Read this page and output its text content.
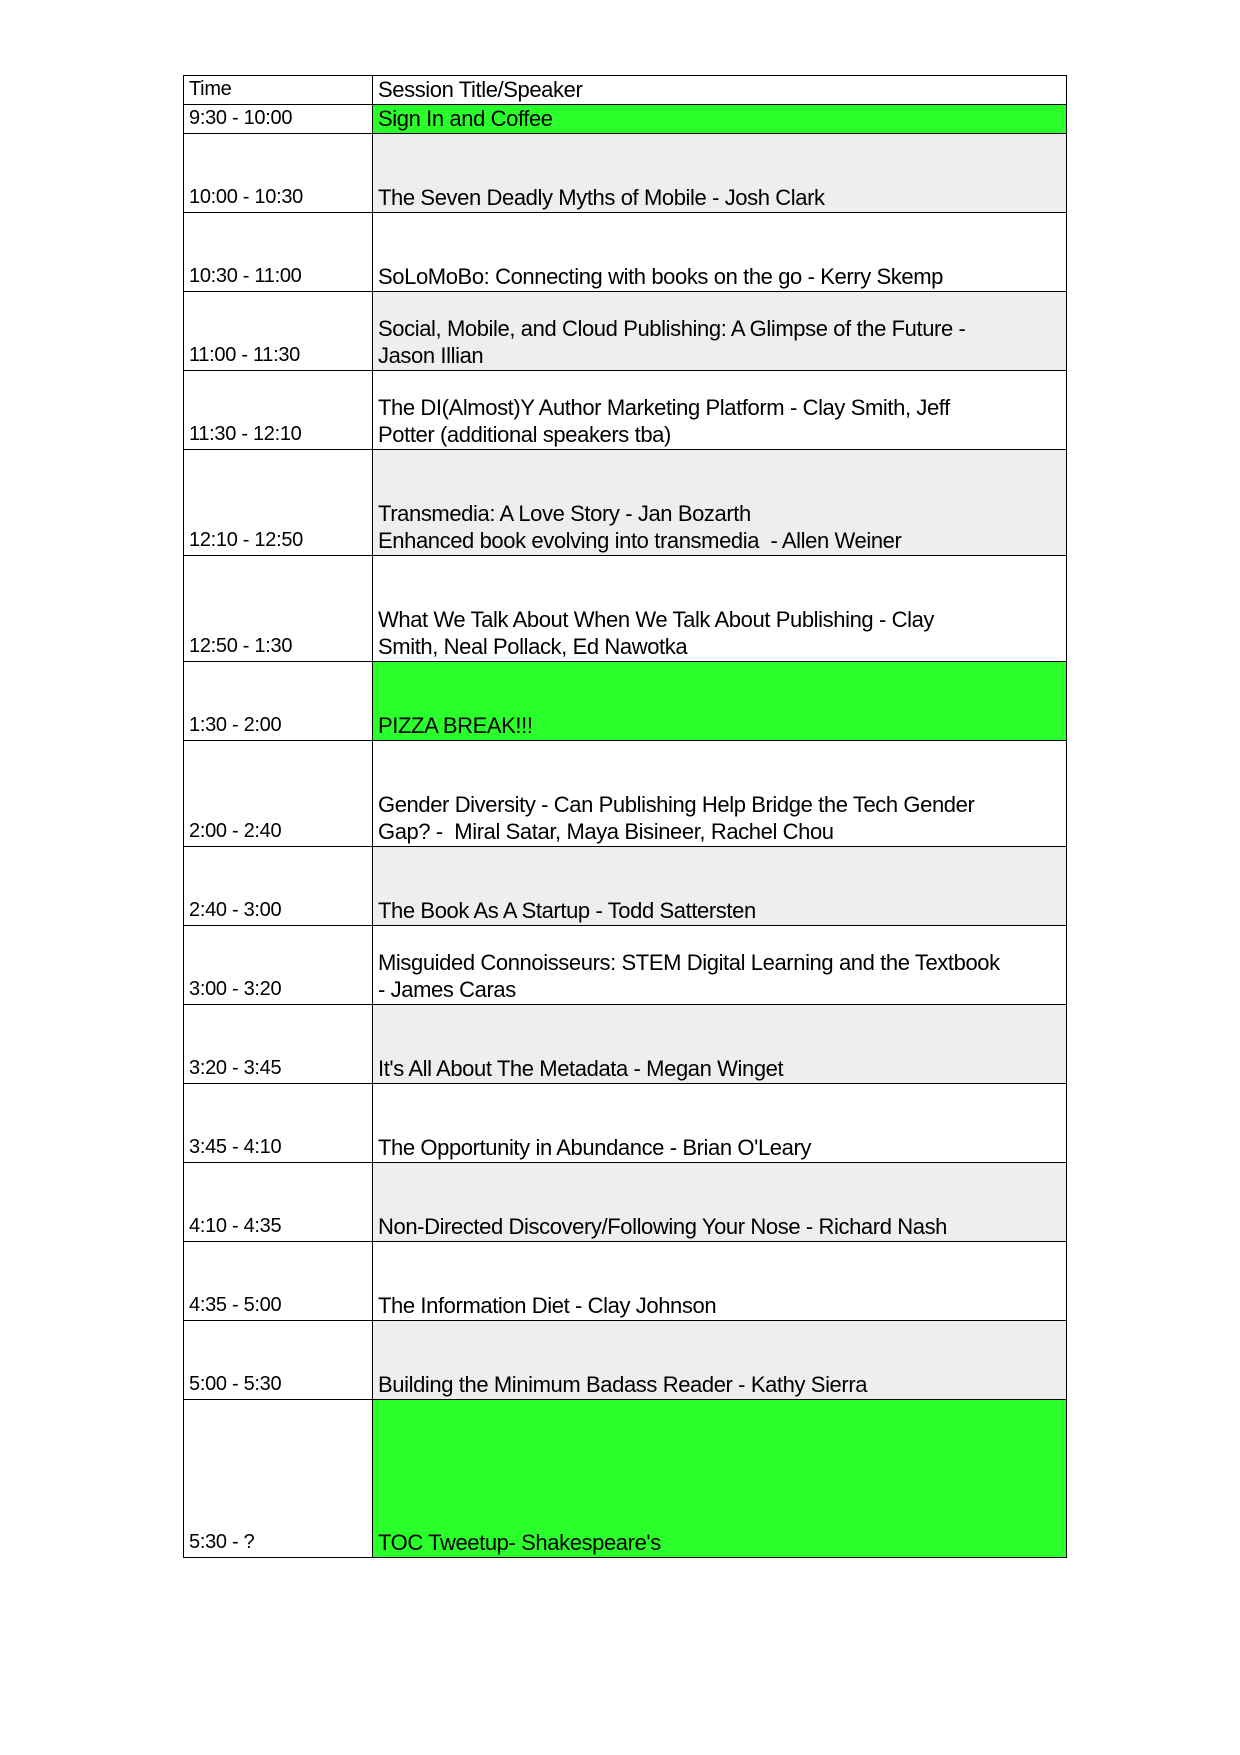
Time	Session Title/Speaker
9:30 - 10:00	Sign In and Coffee

10:00 - 10:30	The Seven Deadly Myths of Mobile - Josh Clark

10:30 - 11:00	SoLoMoBo: Connecting with books on the go - Kerry Skemp

11:00 - 11:30	Social, Mobile, and Cloud Publishing: A Glimpse of the Future -
Jason Illian

11:30 - 12:10	The DI(Almost)Y Author Marketing Platform - Clay Smith, Jeff
Potter (additional speakers tba)

12:10 - 12:50	Transmedia: A Love Story - Jan Bozarth
Enhanced book evolving into transmedia  - Allen Weiner

12:50 - 1:30	What We Talk About When We Talk About Publishing - Clay
Smith, Neal Pollack, Ed Nawotka

1:30 - 2:00	PIZZA BREAK!!!

2:00 - 2:40	Gender Diversity - Can Publishing Help Bridge the Tech Gender
Gap? -  Miral Satar, Maya Bisineer, Rachel Chou

2:40 - 3:00	The Book As A Startup - Todd Sattersten

3:00 - 3:20	Misguided Connoisseurs: STEM Digital Learning and the Textbook
- James Caras

3:20 - 3:45	It's All About The Metadata - Megan Winget

3:45 - 4:10	The Opportunity in Abundance - Brian O'Leary

4:10 - 4:35	Non-Directed Discovery/Following Your Nose - Richard Nash

4:35 - 5:00	The Information Diet - Clay Johnson

5:00 - 5:30	Building the Minimum Badass Reader - Kathy Sierra

5:30 - ?	TOC Tweetup- Shakespeare's
